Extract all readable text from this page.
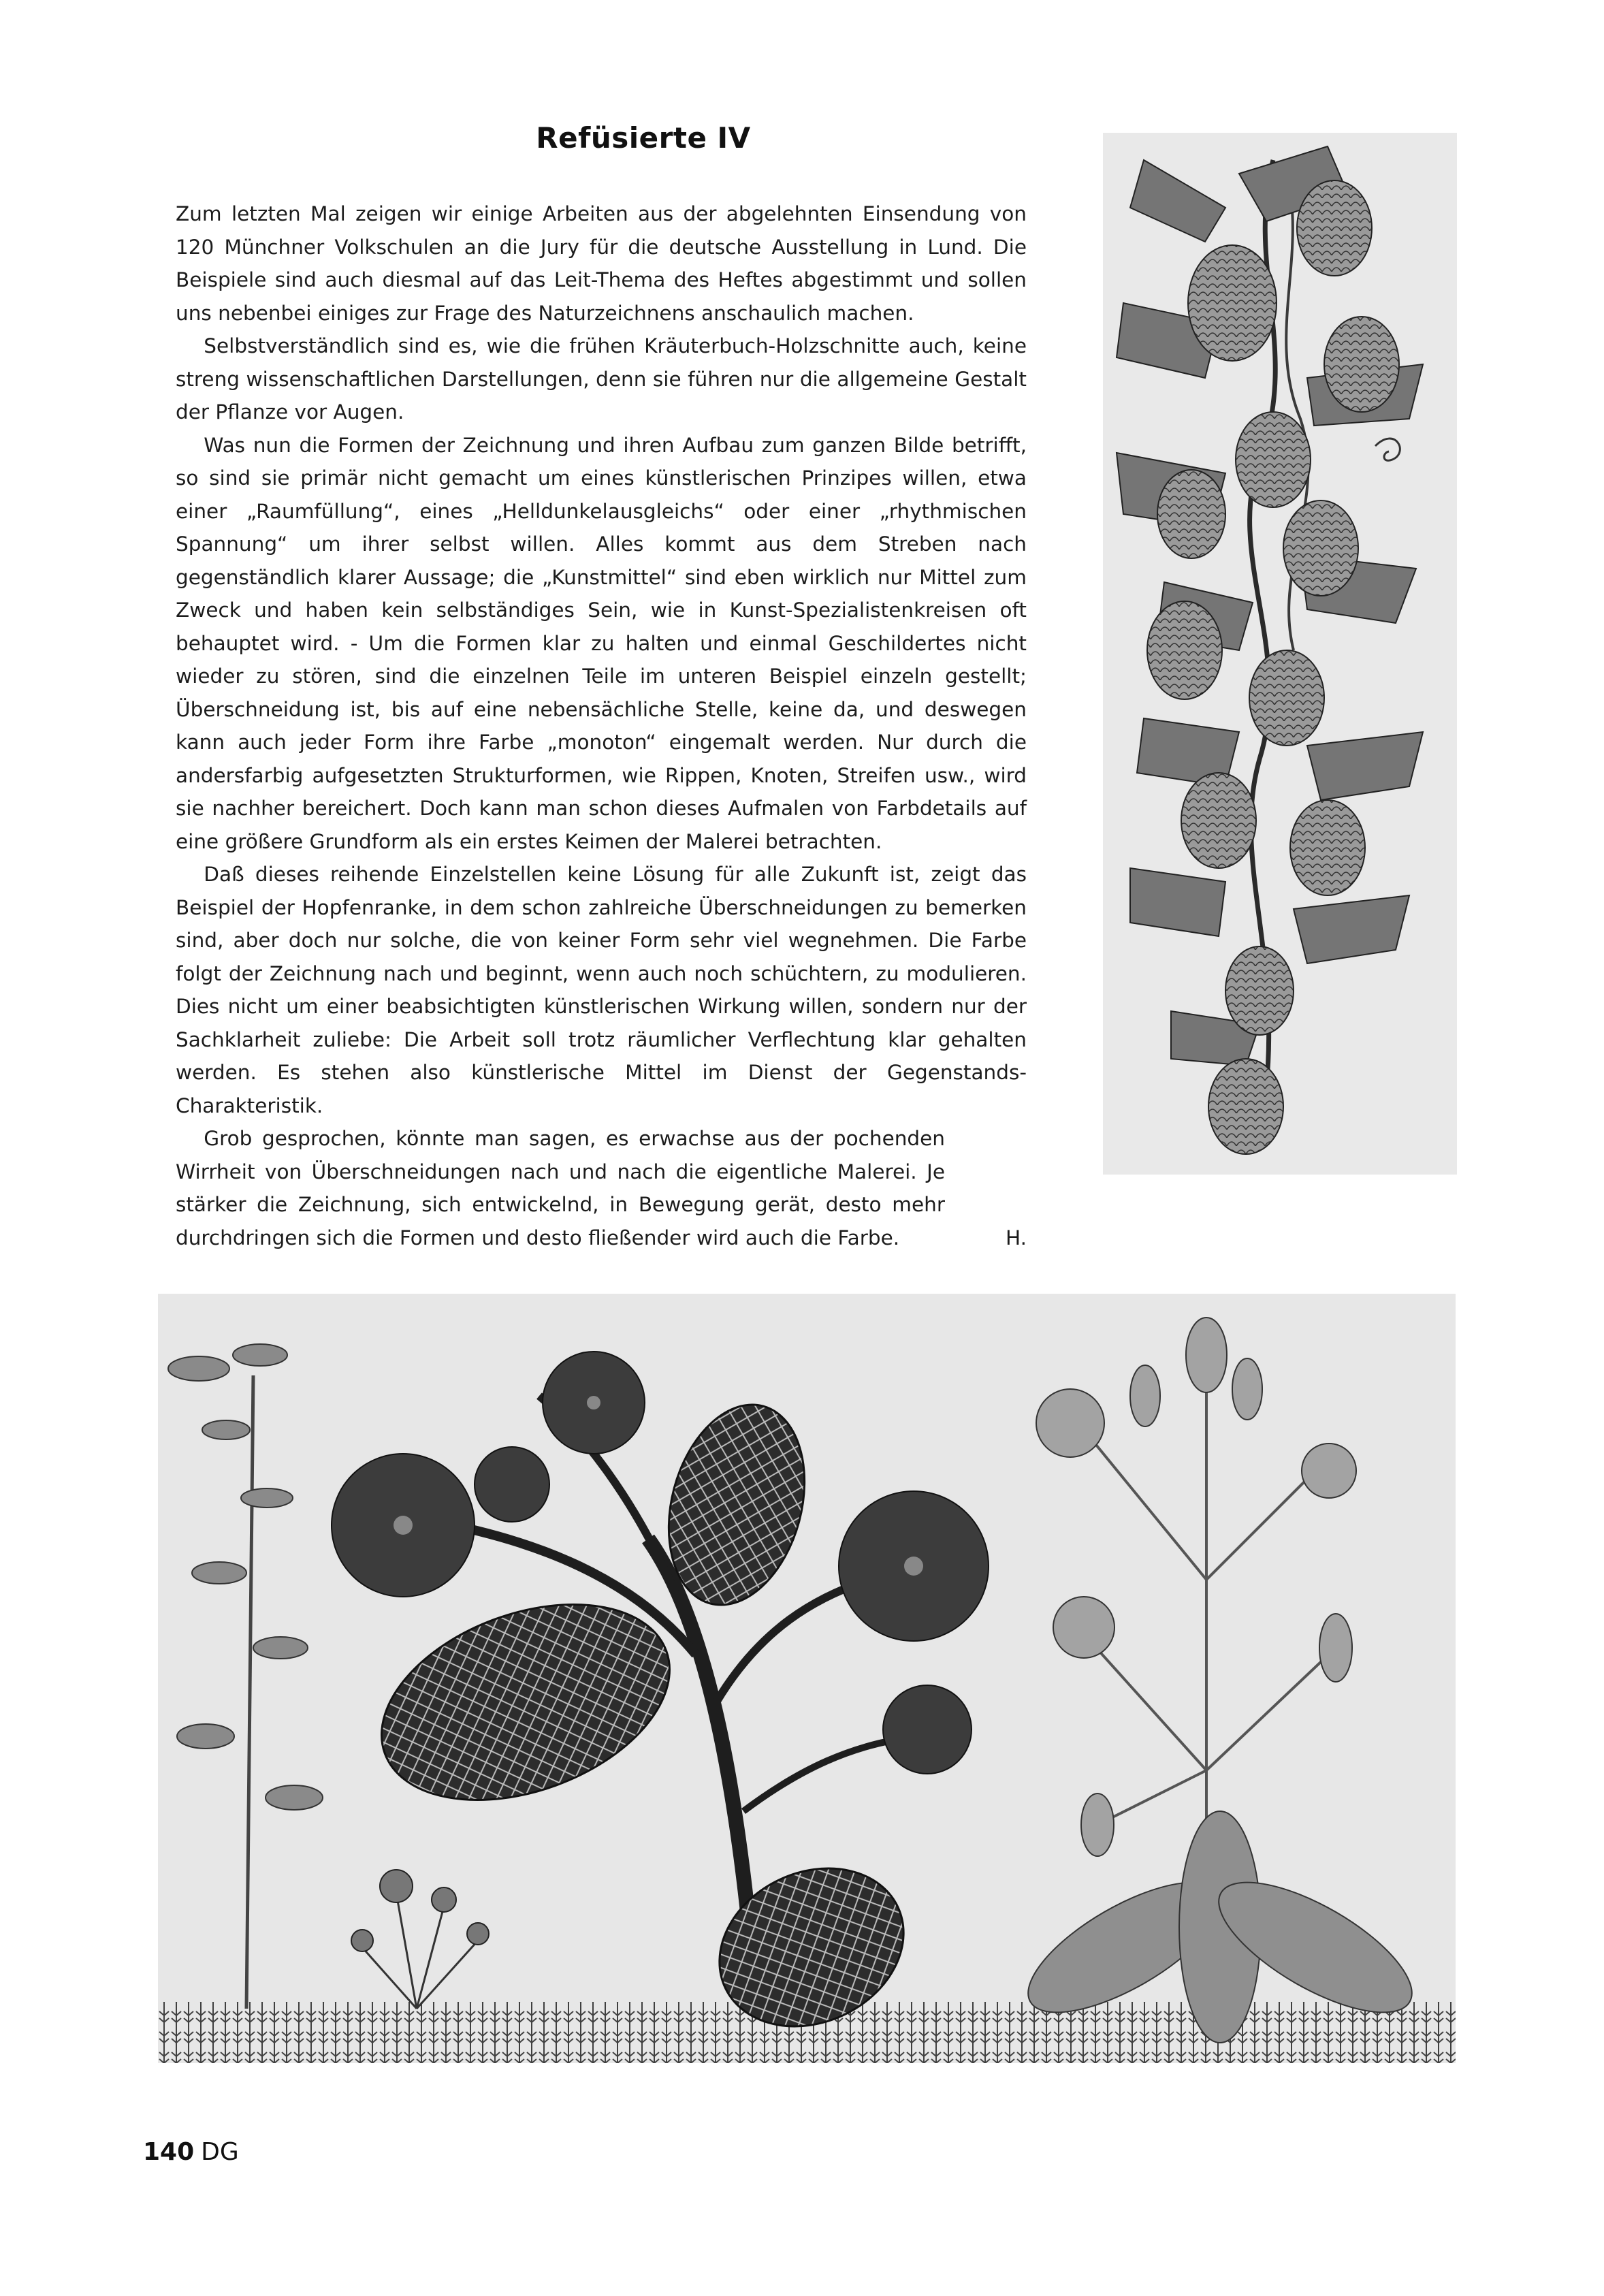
Refüsierte IV

Zum letzten Mal zeigen wir einige Arbeiten aus der abgelehnten Einsendung von 120 Münchner Volkschulen an die Jury für die deutsche Ausstellung in Lund. Die Beispiele sind auch diesmal auf das Leit-Thema des Heftes abgestimmt und sollen uns nebenbei einiges zur Frage des Naturzeichnens anschaulich machen.

Selbstverständlich sind es, wie die frühen Kräuterbuch-Holzschnitte auch, keine streng wissenschaftlichen Darstellungen, denn sie führen nur die allgemeine Gestalt der Pflanze vor Augen.

Was nun die Formen der Zeichnung und ihren Aufbau zum ganzen Bilde betrifft, so sind sie primär nicht gemacht um eines künstlerischen Prinzipes willen, etwa einer „Raumfüllung“, eines „Helldunkelausgleichs“ oder einer „rhythmischen Spannung“ um ihrer selbst willen. Alles kommt aus dem Streben nach gegenständlich klarer Aussage; die „Kunstmittel“ sind eben wirklich nur Mittel zum Zweck und haben kein selbständiges Sein, wie in Kunst-Spezialistenkreisen oft behauptet wird. - Um die Formen klar zu halten und einmal Geschildertes nicht wieder zu stören, sind die einzelnen Teile im unteren Beispiel einzeln gestellt; Überschneidung ist, bis auf eine nebensächliche Stelle, keine da, und deswegen kann auch jeder Form ihre Farbe „monoton“ eingemalt werden. Nur durch die andersfarbig aufgesetzten Strukturformen, wie Rippen, Knoten, Streifen usw., wird sie nachher bereichert. Doch kann man schon dieses Aufmalen von Farbdetails auf eine größere Grundform als ein erstes Keimen der Malerei betrachten.

Daß dieses reihende Einzelstellen keine Lösung für alle Zukunft ist, zeigt das Beispiel der Hopfenranke, in dem schon zahlreiche Überschneidungen zu bemerken sind, aber doch nur solche, die von keiner Form sehr viel wegnehmen. Die Farbe folgt der Zeichnung nach und beginnt, wenn auch noch schüchtern, zu modulieren. Dies nicht um einer beabsichtigten künstlerischen Wirkung willen, sondern nur der Sachklarheit zuliebe: Die Arbeit soll trotz räumlicher Verflechtung klar gehalten werden. Es stehen also künstlerische Mittel im Dienst der Gegenstands-Charakteristik.

Grob gesprochen, könnte man sagen, es erwachse aus der pochenden Wirrheit von Überschneidungen nach und nach die eigentliche Malerei. Je stärker die Zeichnung, sich entwickelnd, in Bewegung gerät, desto mehr durchdringen sich die Formen und desto fließender wird auch die Farbe.	H.
140 DG
